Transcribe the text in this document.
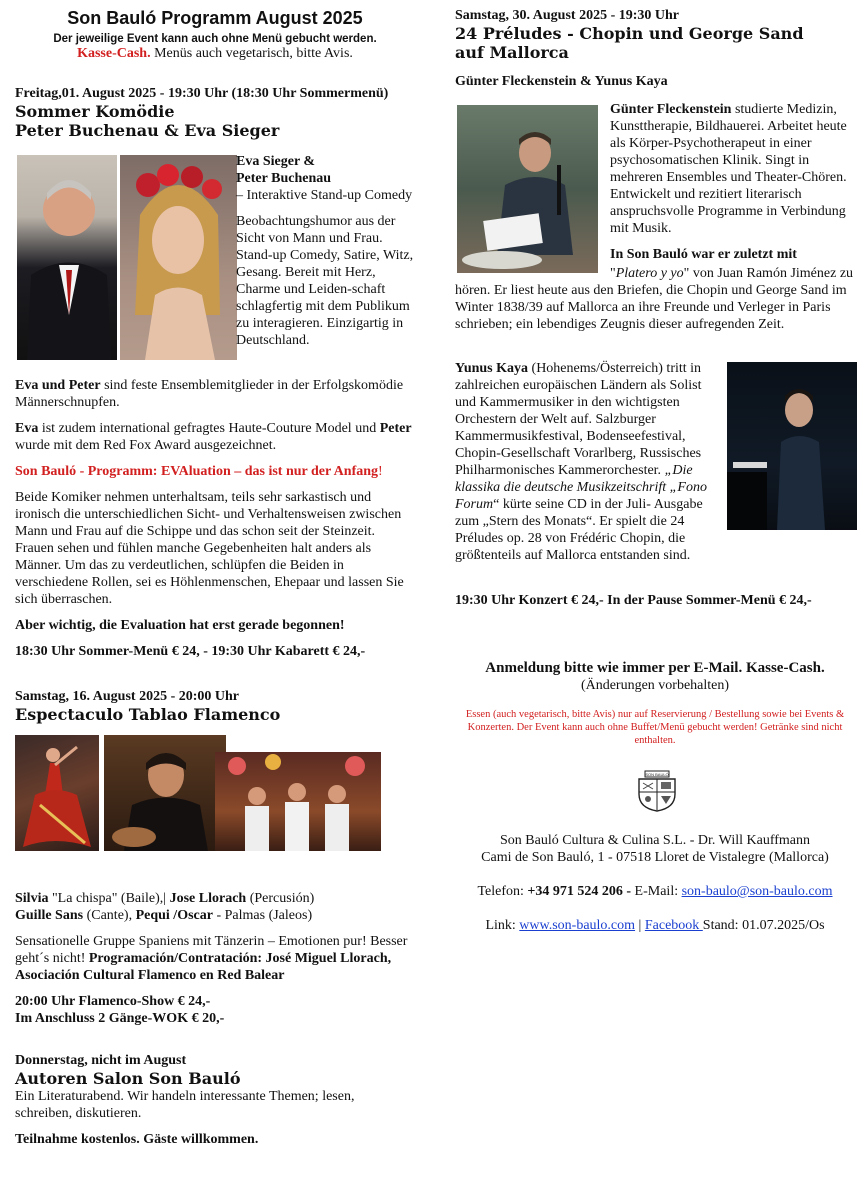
Son Bauló Programm August 2025

Der jeweilige Event kann auch ohne Menü gebucht werden.

Kasse-Cash. Menüs auch vegetarisch, bitte Avis.

Freitag,01. August 2025 - 19:30 Uhr (18:30 Uhr Sommermenü)

Sommer Komödie

Peter Buchenau & Eva Sieger

Eva Sieger &

Peter Buchenau

– Interaktive Stand-up Comedy

Beobachtungshumor aus der Sicht von Mann und Frau. Stand-up Comedy, Satire, Witz, Gesang. Bereit mit Herz, Charme und Leiden-schaft schlagfertig mit dem Publikum zu interagieren. Einzigartig in Deutschland.

Eva und Peter sind feste Ensemblemitglieder in der Erfolgskomödie Männerschnupfen.

Eva ist zudem international gefragtes Haute-Couture Model und Peter wurde mit dem Red Fox Award ausgezeichnet.

Son Bauló - Programm: EVAluation – das ist nur der Anfang!

Beide Komiker nehmen unterhaltsam, teils sehr sarkastisch und ironisch die unterschiedlichen Sicht- und Verhaltensweisen zwischen Mann und Frau auf die Schippe und das schon seit der Steinzeit. Frauen sehen und fühlen manche Gegebenheiten halt anders als Männer. Um das zu verdeutlichen, schlüpfen die Beiden in verschiedene Rollen, sei es Höhlenmenschen, Ehepaar und lassen Sie sich überraschen.

Aber wichtig, die Evaluation hat erst gerade begonnen!

18:30 Uhr Sommer-Menü € 24, - 19:30 Uhr Kabarett € 24,-

Samstag, 16. August 2025 - 20:00 Uhr

Espectaculo Tablao Flamenco

Silvia "La chispa" (Baile),| Jose Llorach (Percusión)

Guille Sans (Cante), Pequi /Oscar - Palmas (Jaleos)

Sensationelle Gruppe Spaniens mit Tänzerin – Emotionen pur! Besser geht´s nicht! Programación/Contratación: José Miguel Llorach, Asociación Cultural Flamenco en Red Balear

20:00 Uhr Flamenco-Show € 24,-

Im Anschluss 2 Gänge-WOK € 20,-

Donnerstag, nicht im August

Autoren Salon Son Bauló

Ein Literaturabend. Wir handeln interessante Themen; lesen, schreiben, diskutieren.

Teilnahme kostenlos. Gäste willkommen.

Samstag, 30. August 2025 - 19:30 Uhr

24 Préludes - Chopin und George Sand

auf Mallorca

Günter Fleckenstein & Yunus Kaya

Günter Fleckenstein studierte Medizin, Kunsttherapie, Bildhauerei. Arbeitet heute als Körper-Psychotherapeut in einer psychosomatischen Klinik. Singt in mehreren Ensembles und Theater-Chören. Entwickelt und rezitiert literarisch anspruchsvolle Programme in Verbindung mit Musik.

In Son Bauló war er zuletzt mit

"Platero y yo" von Juan Ramón Jiménez zu hören. Er liest heute aus den Briefen, die Chopin und George Sand im Winter 1838/39 auf Mallorca an ihre Freunde und Verleger in Paris schrieben; ein lebendiges Zeugnis dieser aufregenden Zeit.

Yunus Kaya (Hohenems/Österreich) tritt in zahlreichen europäischen Ländern als Solist und Kammermusiker in den wichtigsten Orchestern der Welt auf. Salzburger Kammermusikfestival, Bodenseefestival, Chopin-Gesellschaft Vorarlberg, Russisches Philharmonisches Kammerorchester. „Die klassika die deutsche Musikzeitschrift „Fono Forum“ kürte seine CD in der Juli- Ausgabe zum „Stern des Monats“. Er spielt die 24 Préludes op. 28 von Frédéric Chopin, die größtenteils auf Mallorca entstanden sind.

19:30 Uhr Konzert € 24,- In der Pause Sommer-Menü € 24,-

Anmeldung bitte wie immer per E-Mail. Kasse-Cash.

(Änderungen vorbehalten)

Essen (auch vegetarisch, bitte Avis) nur auf Reservierung / Bestellung sowie bei Events & Konzerten. Der Event kann auch ohne Buffet/Menü gebucht werden! Getränke sind nicht enthalten.

SON BAULÓ

Son Bauló Cultura & Culina S.L. - Dr. Will Kauffmann

Cami de Son Bauló, 1 - 07518 Lloret de Vistalegre (Mallorca)

Telefon: +34 971 524 206 - E-Mail: son-baulo@son-baulo.com

Link: www.son-baulo.com | Facebook Stand: 01.07.2025/Os
